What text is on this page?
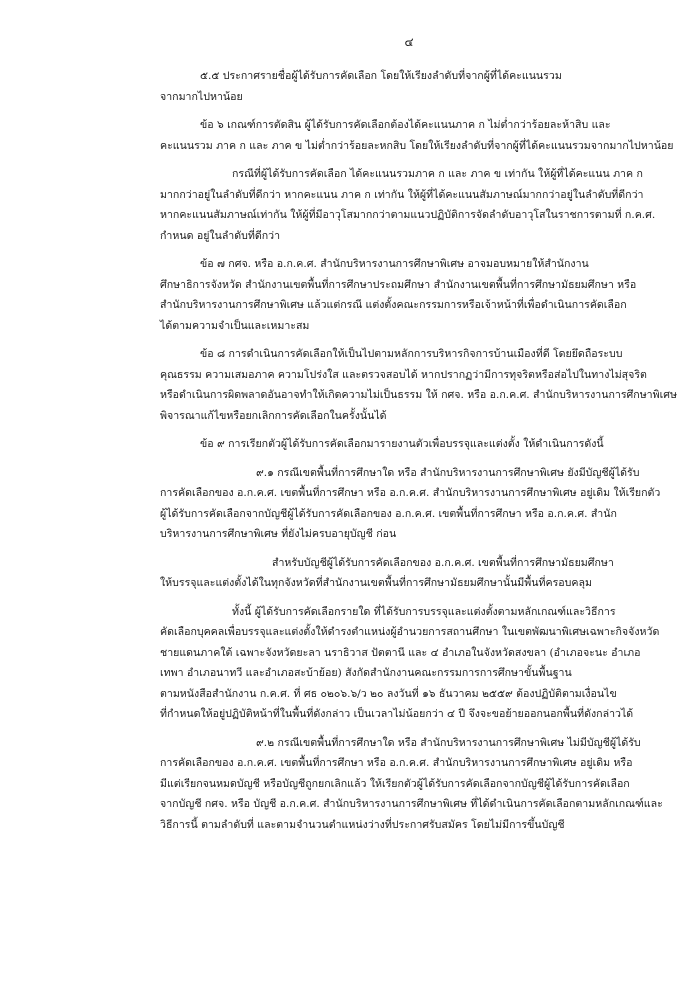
๔
๕.๕ ประกาศรายชื่อผู้ได้รับการคัดเลือก โดยให้เรียงลำดับที่จากผู้ที่ได้คะแนนรวม
จากมากไปหาน้อย
ข้อ ๖ เกณฑ์การตัดสิน ผู้ได้รับการคัดเลือกต้องได้คะแนนภาค ก ไม่ต่ำกว่าร้อยละห้าสิบ และ
คะแนนรวม ภาค ก และ ภาค ข ไม่ต่ำกว่าร้อยละหกสิบ โดยให้เรียงลำดับที่จากผู้ที่ได้คะแนนรวมจากมากไปหาน้อย
กรณีที่ผู้ได้รับการคัดเลือก ได้คะแนนรวมภาค ก และ ภาค ข เท่ากัน ให้ผู้ที่ได้คะแนน ภาค ก
มากกว่าอยู่ในลำดับที่ดีกว่า หากคะแนน ภาค ก เท่ากัน ให้ผู้ที่ได้คะแนนสัมภาษณ์มากกว่าอยู่ในลำดับที่ดีกว่า
หากคะแนนสัมภาษณ์เท่ากัน ให้ผู้ที่มีอาวุโสมากกว่าตามแนวปฏิบัติการจัดลำดับอาวุโสในราชการตามที่ ก.ค.ศ.
กำหนด อยู่ในลำดับที่ดีกว่า
ข้อ ๗ กศจ. หรือ อ.ก.ค.ศ. สำนักบริหารงานการศึกษาพิเศษ อาจมอบหมายให้สำนักงาน
ศึกษาธิการจังหวัด สำนักงานเขตพื้นที่การศึกษาประถมศึกษา สำนักงานเขตพื้นที่การศึกษามัธยมศึกษา หรือ
สำนักบริหารงานการศึกษาพิเศษ แล้วแต่กรณี แต่งตั้งคณะกรรมการหรือเจ้าหน้าที่เพื่อดำเนินการคัดเลือก
ได้ตามความจำเป็นและเหมาะสม
ข้อ ๘ การดำเนินการคัดเลือกให้เป็นไปตามหลักการบริหารกิจการบ้านเมืองที่ดี โดยยึดถือระบบ
คุณธรรม ความเสมอภาค ความโปร่งใส และตรวจสอบได้ หากปรากฏว่ามีการทุจริตหรือส่อไปในทางไม่สุจริต
หรือดำเนินการผิดพลาดอันอาจทำให้เกิดความไม่เป็นธรรม ให้ กศจ. หรือ อ.ก.ค.ศ. สำนักบริหารงานการศึกษาพิเศษ
พิจารณาแก้ไขหรือยกเลิกการคัดเลือกในครั้งนั้นได้
ข้อ ๙ การเรียกตัวผู้ได้รับการคัดเลือกมารายงานตัวเพื่อบรรจุและแต่งตั้ง ให้ดำเนินการดังนี้
๙.๑ กรณีเขตพื้นที่การศึกษาใด หรือ สำนักบริหารงานการศึกษาพิเศษ ยังมีบัญชีผู้ได้รับ
การคัดเลือกของ อ.ก.ค.ศ. เขตพื้นที่การศึกษา หรือ อ.ก.ค.ศ. สำนักบริหารงานการศึกษาพิเศษ อยู่เดิม ให้เรียกตัว
ผู้ได้รับการคัดเลือกจากบัญชีผู้ได้รับการคัดเลือกของ อ.ก.ค.ศ. เขตพื้นที่การศึกษา หรือ อ.ก.ค.ศ. สำนัก
บริหารงานการศึกษาพิเศษ ที่ยังไม่ครบอายุบัญชี ก่อน
สำหรับบัญชีผู้ได้รับการคัดเลือกของ อ.ก.ค.ศ. เขตพื้นที่การศึกษามัธยมศึกษา
ให้บรรจุและแต่งตั้งได้ในทุกจังหวัดที่สำนักงานเขตพื้นที่การศึกษามัธยมศึกษานั้นมีพื้นที่ครอบคลุม
ทั้งนี้ ผู้ได้รับการคัดเลือกรายใด ที่ได้รับการบรรจุและแต่งตั้งตามหลักเกณฑ์และวิธีการ
คัดเลือกบุคคลเพื่อบรรจุและแต่งตั้งให้ดำรงตำแหน่งผู้อำนวยการสถานศึกษา ในเขตพัฒนาพิเศษเฉพาะกิจจังหวัด
ชายแดนภาคใต้ เฉพาะจังหวัดยะลา นราธิวาส ปัตตานี และ ๔ อำเภอในจังหวัดสงขลา (อำเภอจะนะ อำเภอ
เทพา อำเภอนาทวี และอำเภอสะบ้าย้อย) สังกัดสำนักงานคณะกรรมการการศึกษาขั้นพื้นฐาน
ตามหนังสือสำนักงาน ก.ค.ศ. ที่ ศธ ๐๒๐๖.๖/ว ๒๐ ลงวันที่ ๑๖ ธันวาคม ๒๕๕๙ ต้องปฏิบัติตามเงื่อนไข
ที่กำหนดให้อยู่ปฏิบัติหน้าที่ในพื้นที่ดังกล่าว เป็นเวลาไม่น้อยกว่า ๔ ปี จึงจะขอย้ายออกนอกพื้นที่ดังกล่าวได้
๙.๒ กรณีเขตพื้นที่การศึกษาใด หรือ สำนักบริหารงานการศึกษาพิเศษ ไม่มีบัญชีผู้ได้รับ
การคัดเลือกของ อ.ก.ค.ศ. เขตพื้นที่การศึกษา หรือ อ.ก.ค.ศ. สำนักบริหารงานการศึกษาพิเศษ อยู่เดิม หรือ
มีแต่เรียกจนหมดบัญชี หรือบัญชีถูกยกเลิกแล้ว ให้เรียกตัวผู้ได้รับการคัดเลือกจากบัญชีผู้ได้รับการคัดเลือก
จากบัญชี กศจ. หรือ บัญชี อ.ก.ค.ศ. สำนักบริหารงานการศึกษาพิเศษ ที่ได้ดำเนินการคัดเลือกตามหลักเกณฑ์และ
วิธีการนี้ ตามลำดับที่ และตามจำนวนตำแหน่งว่างที่ประกาศรับสมัคร โดยไม่มีการขึ้นบัญชี
